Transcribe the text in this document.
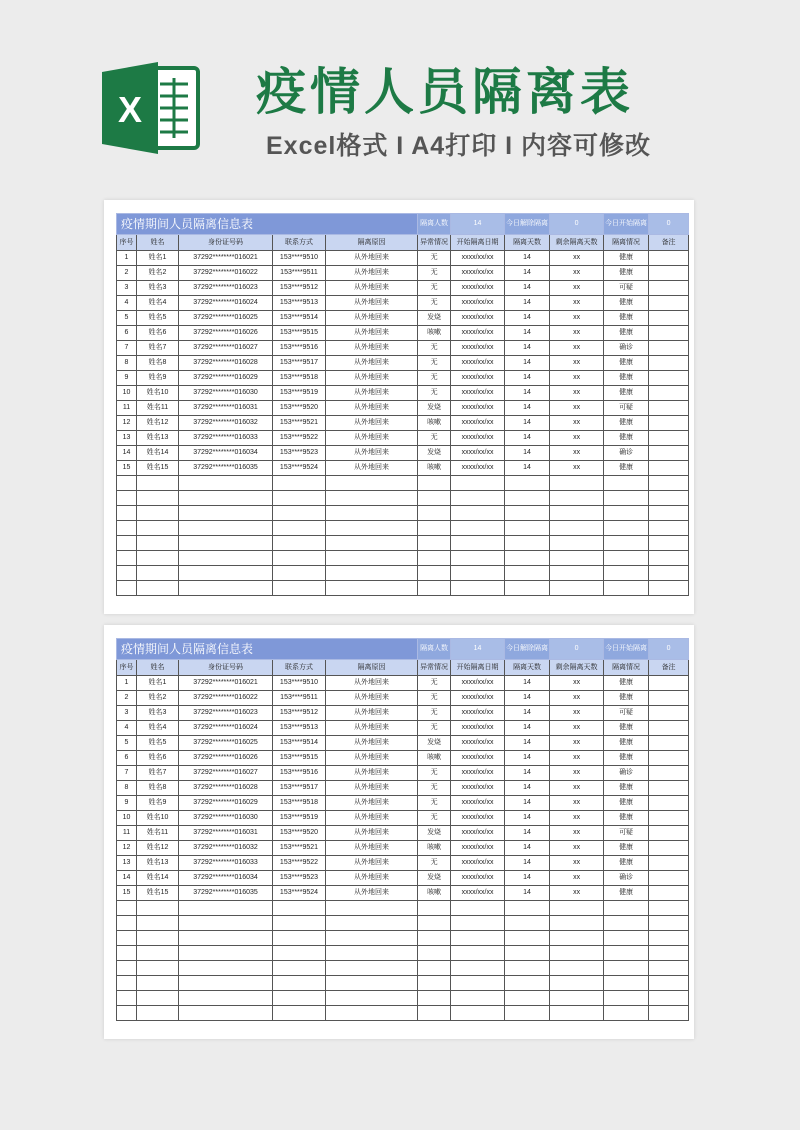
X 疫情人员隔离表
Excel格式 I A4打印 I 内容可修改
疫情期间人员隔离信息表					隔离人数	14	今日解除隔离	0	今日开始隔离	0
序号	姓名	身份证号码	联系方式	隔离原因	异常情况	开始隔离日期	隔离天数	剩余隔离天数	隔离情况	备注
1	姓名1	37292********016021	153****9510	从外地回来	无	xxxx/xx/xx	14	xx	健康	
2	姓名2	37292********016022	153****9511	从外地回来	无	xxxx/xx/xx	14	xx	健康	
3	姓名3	37292********016023	153****9512	从外地回来	无	xxxx/xx/xx	14	xx	可疑	
4	姓名4	37292********016024	153****9513	从外地回来	无	xxxx/xx/xx	14	xx	健康	
5	姓名5	37292********016025	153****9514	从外地回来	发烧	xxxx/xx/xx	14	xx	健康	
6	姓名6	37292********016026	153****9515	从外地回来	咳嗽	xxxx/xx/xx	14	xx	健康	
7	姓名7	37292********016027	153****9516	从外地回来	无	xxxx/xx/xx	14	xx	确诊	
8	姓名8	37292********016028	153****9517	从外地回来	无	xxxx/xx/xx	14	xx	健康	
9	姓名9	37292********016029	153****9518	从外地回来	无	xxxx/xx/xx	14	xx	健康	
10	姓名10	37292********016030	153****9519	从外地回来	无	xxxx/xx/xx	14	xx	健康	
11	姓名11	37292********016031	153****9520	从外地回来	发烧	xxxx/xx/xx	14	xx	可疑	
12	姓名12	37292********016032	153****9521	从外地回来	咳嗽	xxxx/xx/xx	14	xx	健康	
13	姓名13	37292********016033	153****9522	从外地回来	无	xxxx/xx/xx	14	xx	健康	
14	姓名14	37292********016034	153****9523	从外地回来	发烧	xxxx/xx/xx	14	xx	确诊	
15	姓名15	37292********016035	153****9524	从外地回来	咳嗽	xxxx/xx/xx	14	xx	健康	

疫情期间人员隔离信息表					隔离人数	14	今日解除隔离	0	今日开始隔离	0
序号	姓名	身份证号码	联系方式	隔离原因	异常情况	开始隔离日期	隔离天数	剩余隔离天数	隔离情况	备注
1	姓名1	37292********016021	153****9510	从外地回来	无	xxxx/xx/xx	14	xx	健康	
2	姓名2	37292********016022	153****9511	从外地回来	无	xxxx/xx/xx	14	xx	健康	
3	姓名3	37292********016023	153****9512	从外地回来	无	xxxx/xx/xx	14	xx	可疑	
4	姓名4	37292********016024	153****9513	从外地回来	无	xxxx/xx/xx	14	xx	健康	
5	姓名5	37292********016025	153****9514	从外地回来	发烧	xxxx/xx/xx	14	xx	健康	
6	姓名6	37292********016026	153****9515	从外地回来	咳嗽	xxxx/xx/xx	14	xx	健康	
7	姓名7	37292********016027	153****9516	从外地回来	无	xxxx/xx/xx	14	xx	确诊	
8	姓名8	37292********016028	153****9517	从外地回来	无	xxxx/xx/xx	14	xx	健康	
9	姓名9	37292********016029	153****9518	从外地回来	无	xxxx/xx/xx	14	xx	健康	
10	姓名10	37292********016030	153****9519	从外地回来	无	xxxx/xx/xx	14	xx	健康	
11	姓名11	37292********016031	153****9520	从外地回来	发烧	xxxx/xx/xx	14	xx	可疑	
12	姓名12	37292********016032	153****9521	从外地回来	咳嗽	xxxx/xx/xx	14	xx	健康	
13	姓名13	37292********016033	153****9522	从外地回来	无	xxxx/xx/xx	14	xx	健康	
14	姓名14	37292********016034	153****9523	从外地回来	发烧	xxxx/xx/xx	14	xx	确诊	
15	姓名15	37292********016035	153****9524	从外地回来	咳嗽	xxxx/xx/xx	14	xx	健康	
